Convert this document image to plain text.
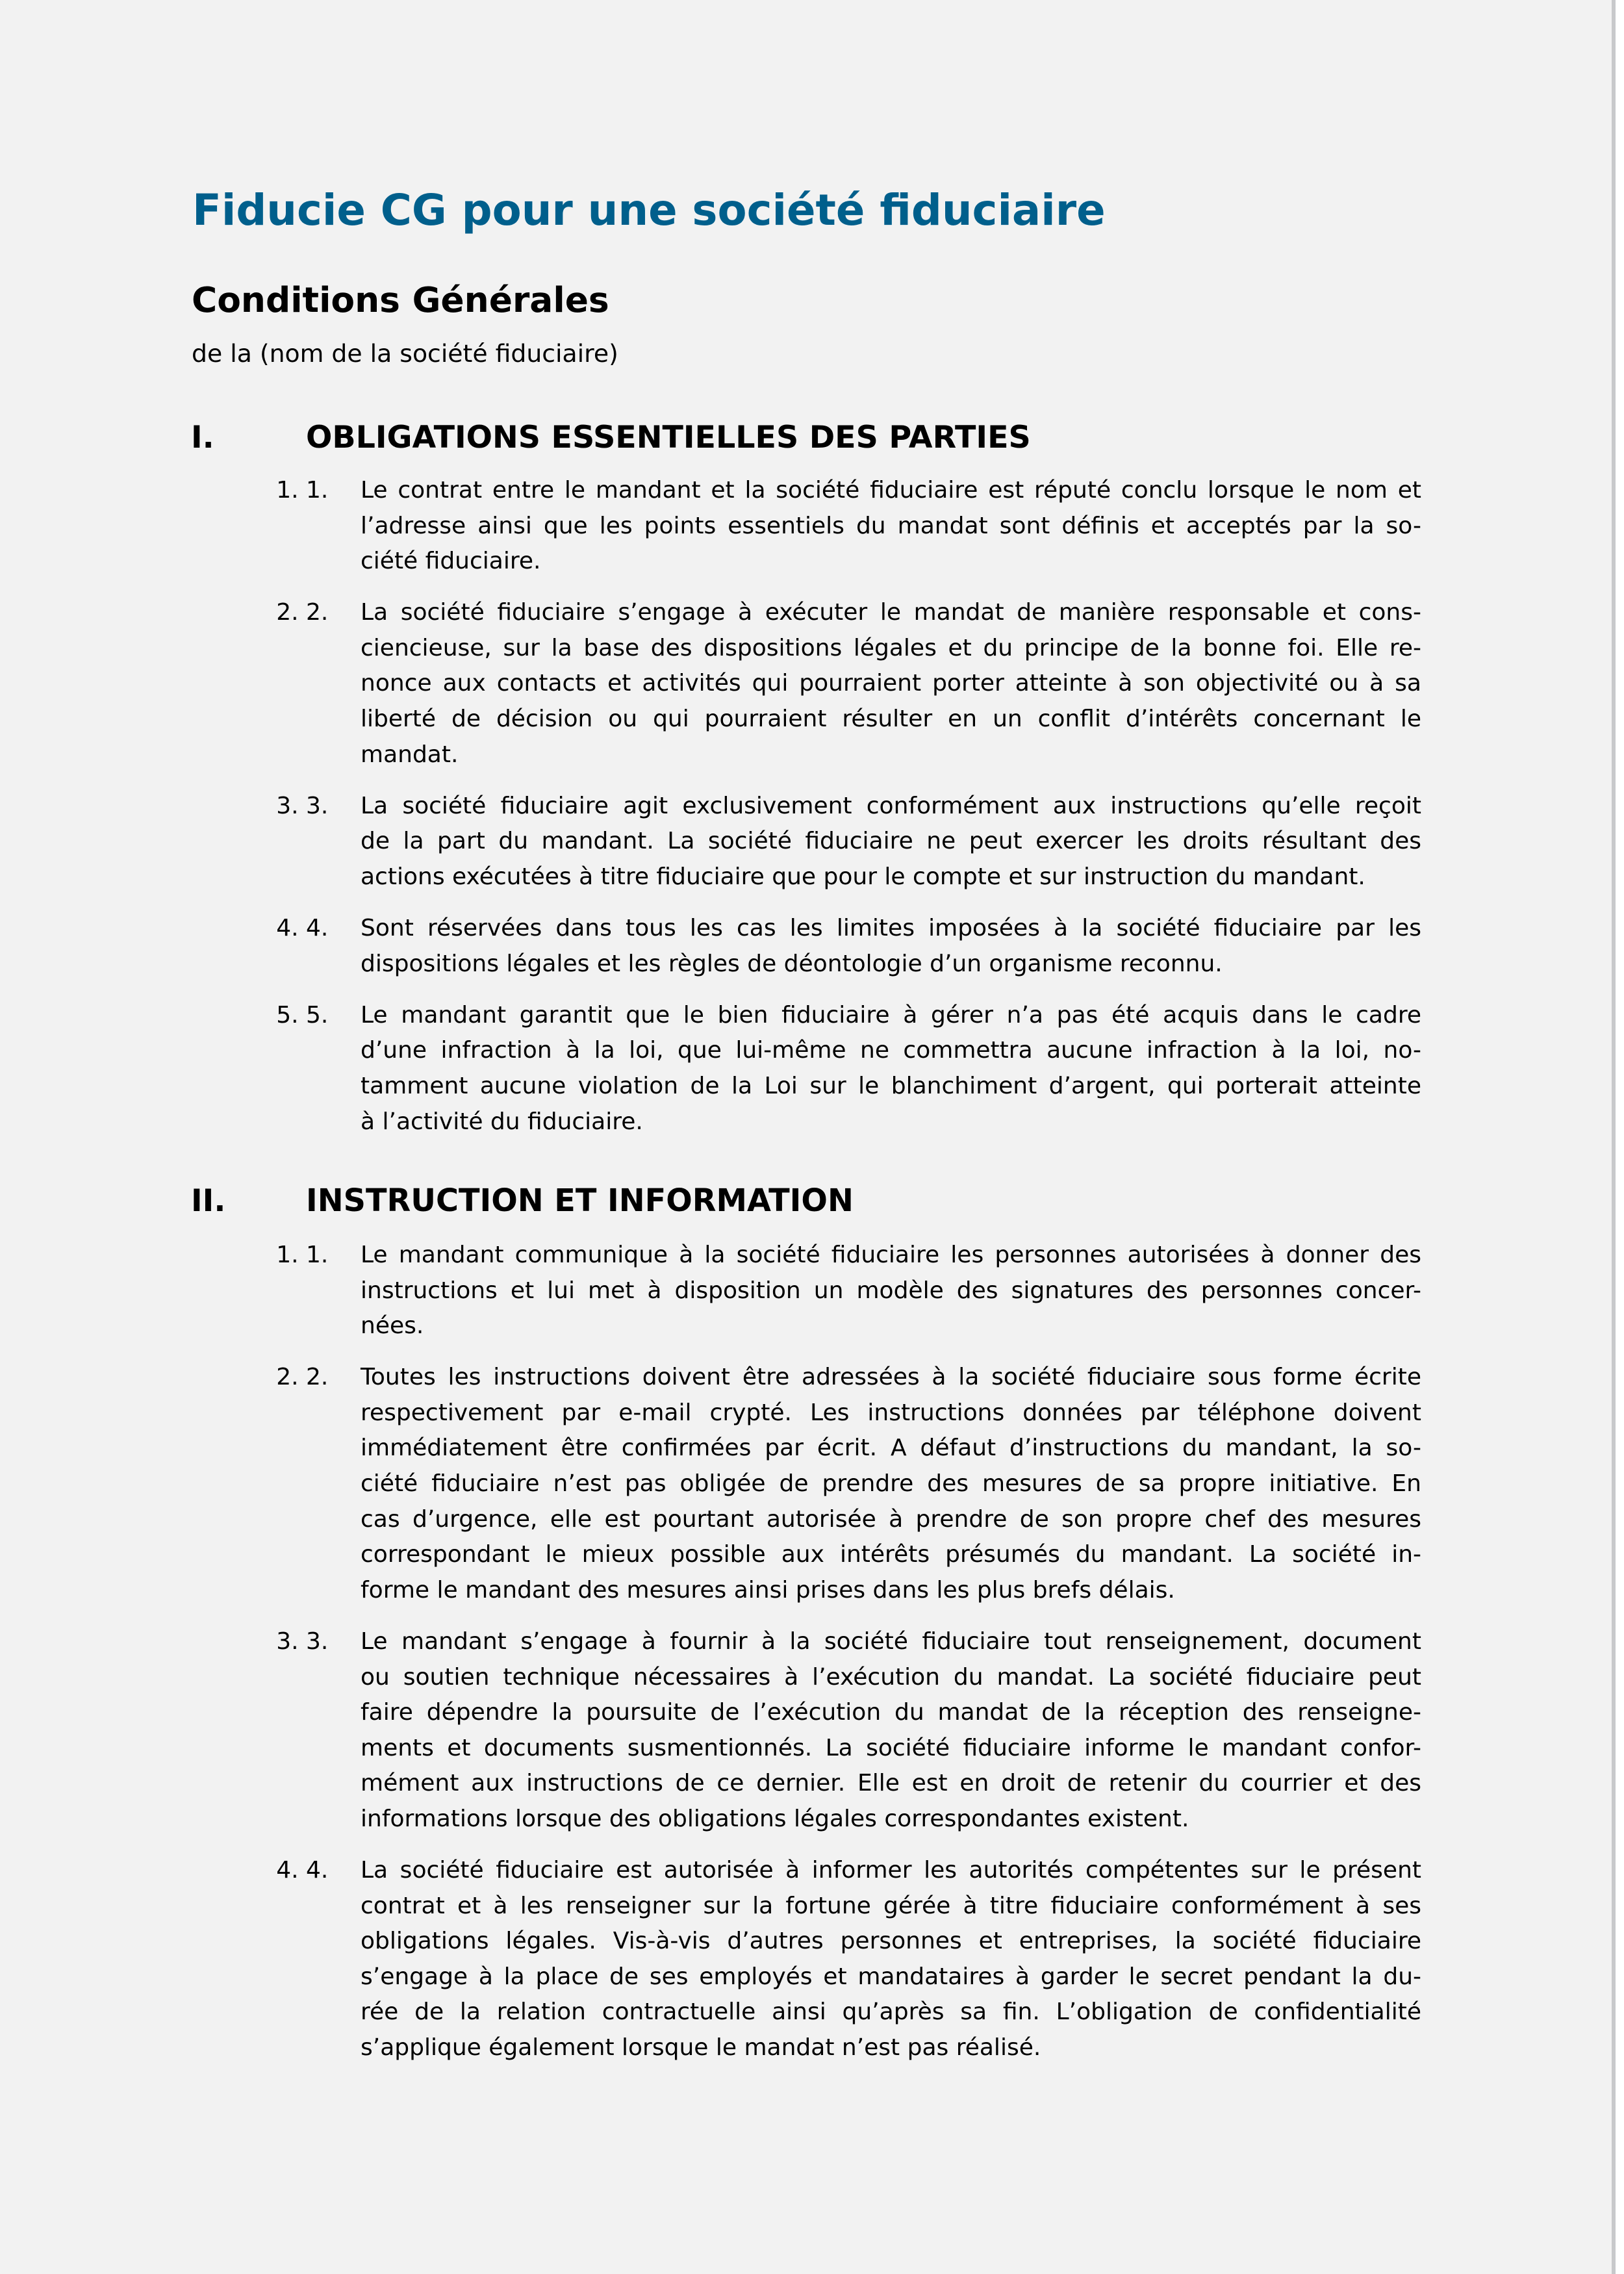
Fiducie CG pour une société fiduciaire
Conditions Générales

de la (nom de la société fiduciaire)

I.	OBLIGATIONS ESSENTIELLES DES PARTIES
1. 1. Le contrat entre le mandant et la société fiduciaire est réputé conclu lorsque le nom et
l’adresse ainsi que les points essentiels du mandat sont définis et acceptés par la so-
ciété fiduciaire.
2. 2. La société fiduciaire s’engage à exécuter le mandat de manière responsable et cons-
ciencieuse, sur la base des dispositions légales et du principe de la bonne foi. Elle re-
nonce aux contacts et activités qui pourraient porter atteinte à son objectivité ou à sa
liberté de décision ou qui pourraient résulter en un conflit d’intérêts concernant le
mandat.
3. 3. La société fiduciaire agit exclusivement conformément aux instructions qu’elle reçoit
de la part du mandant. La société fiduciaire ne peut exercer les droits résultant des
actions exécutées à titre fiduciaire que pour le compte et sur instruction du mandant.
4. 4. Sont réservées dans tous les cas les limites imposées à la société fiduciaire par les
dispositions légales et les règles de déontologie d’un organisme reconnu.
5. 5. Le mandant garantit que le bien fiduciaire à gérer n’a pas été acquis dans le cadre
d’une infraction à la loi, que lui-même ne commettra aucune infraction à la loi, no-
tamment aucune violation de la Loi sur le blanchiment d’argent, qui porterait atteinte
à l’activité du fiduciaire.
II.	INSTRUCTION ET INFORMATION
1. 1. Le mandant communique à la société fiduciaire les personnes autorisées à donner des
instructions et lui met à disposition un modèle des signatures des personnes concer-
nées.
2. 2. Toutes les instructions doivent être adressées à la société fiduciaire sous forme écrite
respectivement par e-mail crypté. Les instructions données par téléphone doivent
immédiatement être confirmées par écrit. A défaut d’instructions du mandant, la so-
ciété fiduciaire n’est pas obligée de prendre des mesures de sa propre initiative. En
cas d’urgence, elle est pourtant autorisée à prendre de son propre chef des mesures
correspondant le mieux possible aux intérêts présumés du mandant. La société in-
forme le mandant des mesures ainsi prises dans les plus brefs délais.
3. 3. Le mandant s’engage à fournir à la société fiduciaire tout renseignement, document
ou soutien technique nécessaires à l’exécution du mandat. La société fiduciaire peut
faire dépendre la poursuite de l’exécution du mandat de la réception des renseigne-
ments et documents susmentionnés. La société fiduciaire informe le mandant confor-
mément aux instructions de ce dernier. Elle est en droit de retenir du courrier et des
informations lorsque des obligations légales correspondantes existent.
4. 4. La société fiduciaire est autorisée à informer les autorités compétentes sur le présent
contrat et à les renseigner sur la fortune gérée à titre fiduciaire conformément à ses
obligations légales. Vis-à-vis d’autres personnes et entreprises, la société fiduciaire
s’engage à la place de ses employés et mandataires à garder le secret pendant la du-
rée de la relation contractuelle ainsi qu’après sa fin. L’obligation de confidentialité
s’applique également lorsque le mandat n’est pas réalisé.
